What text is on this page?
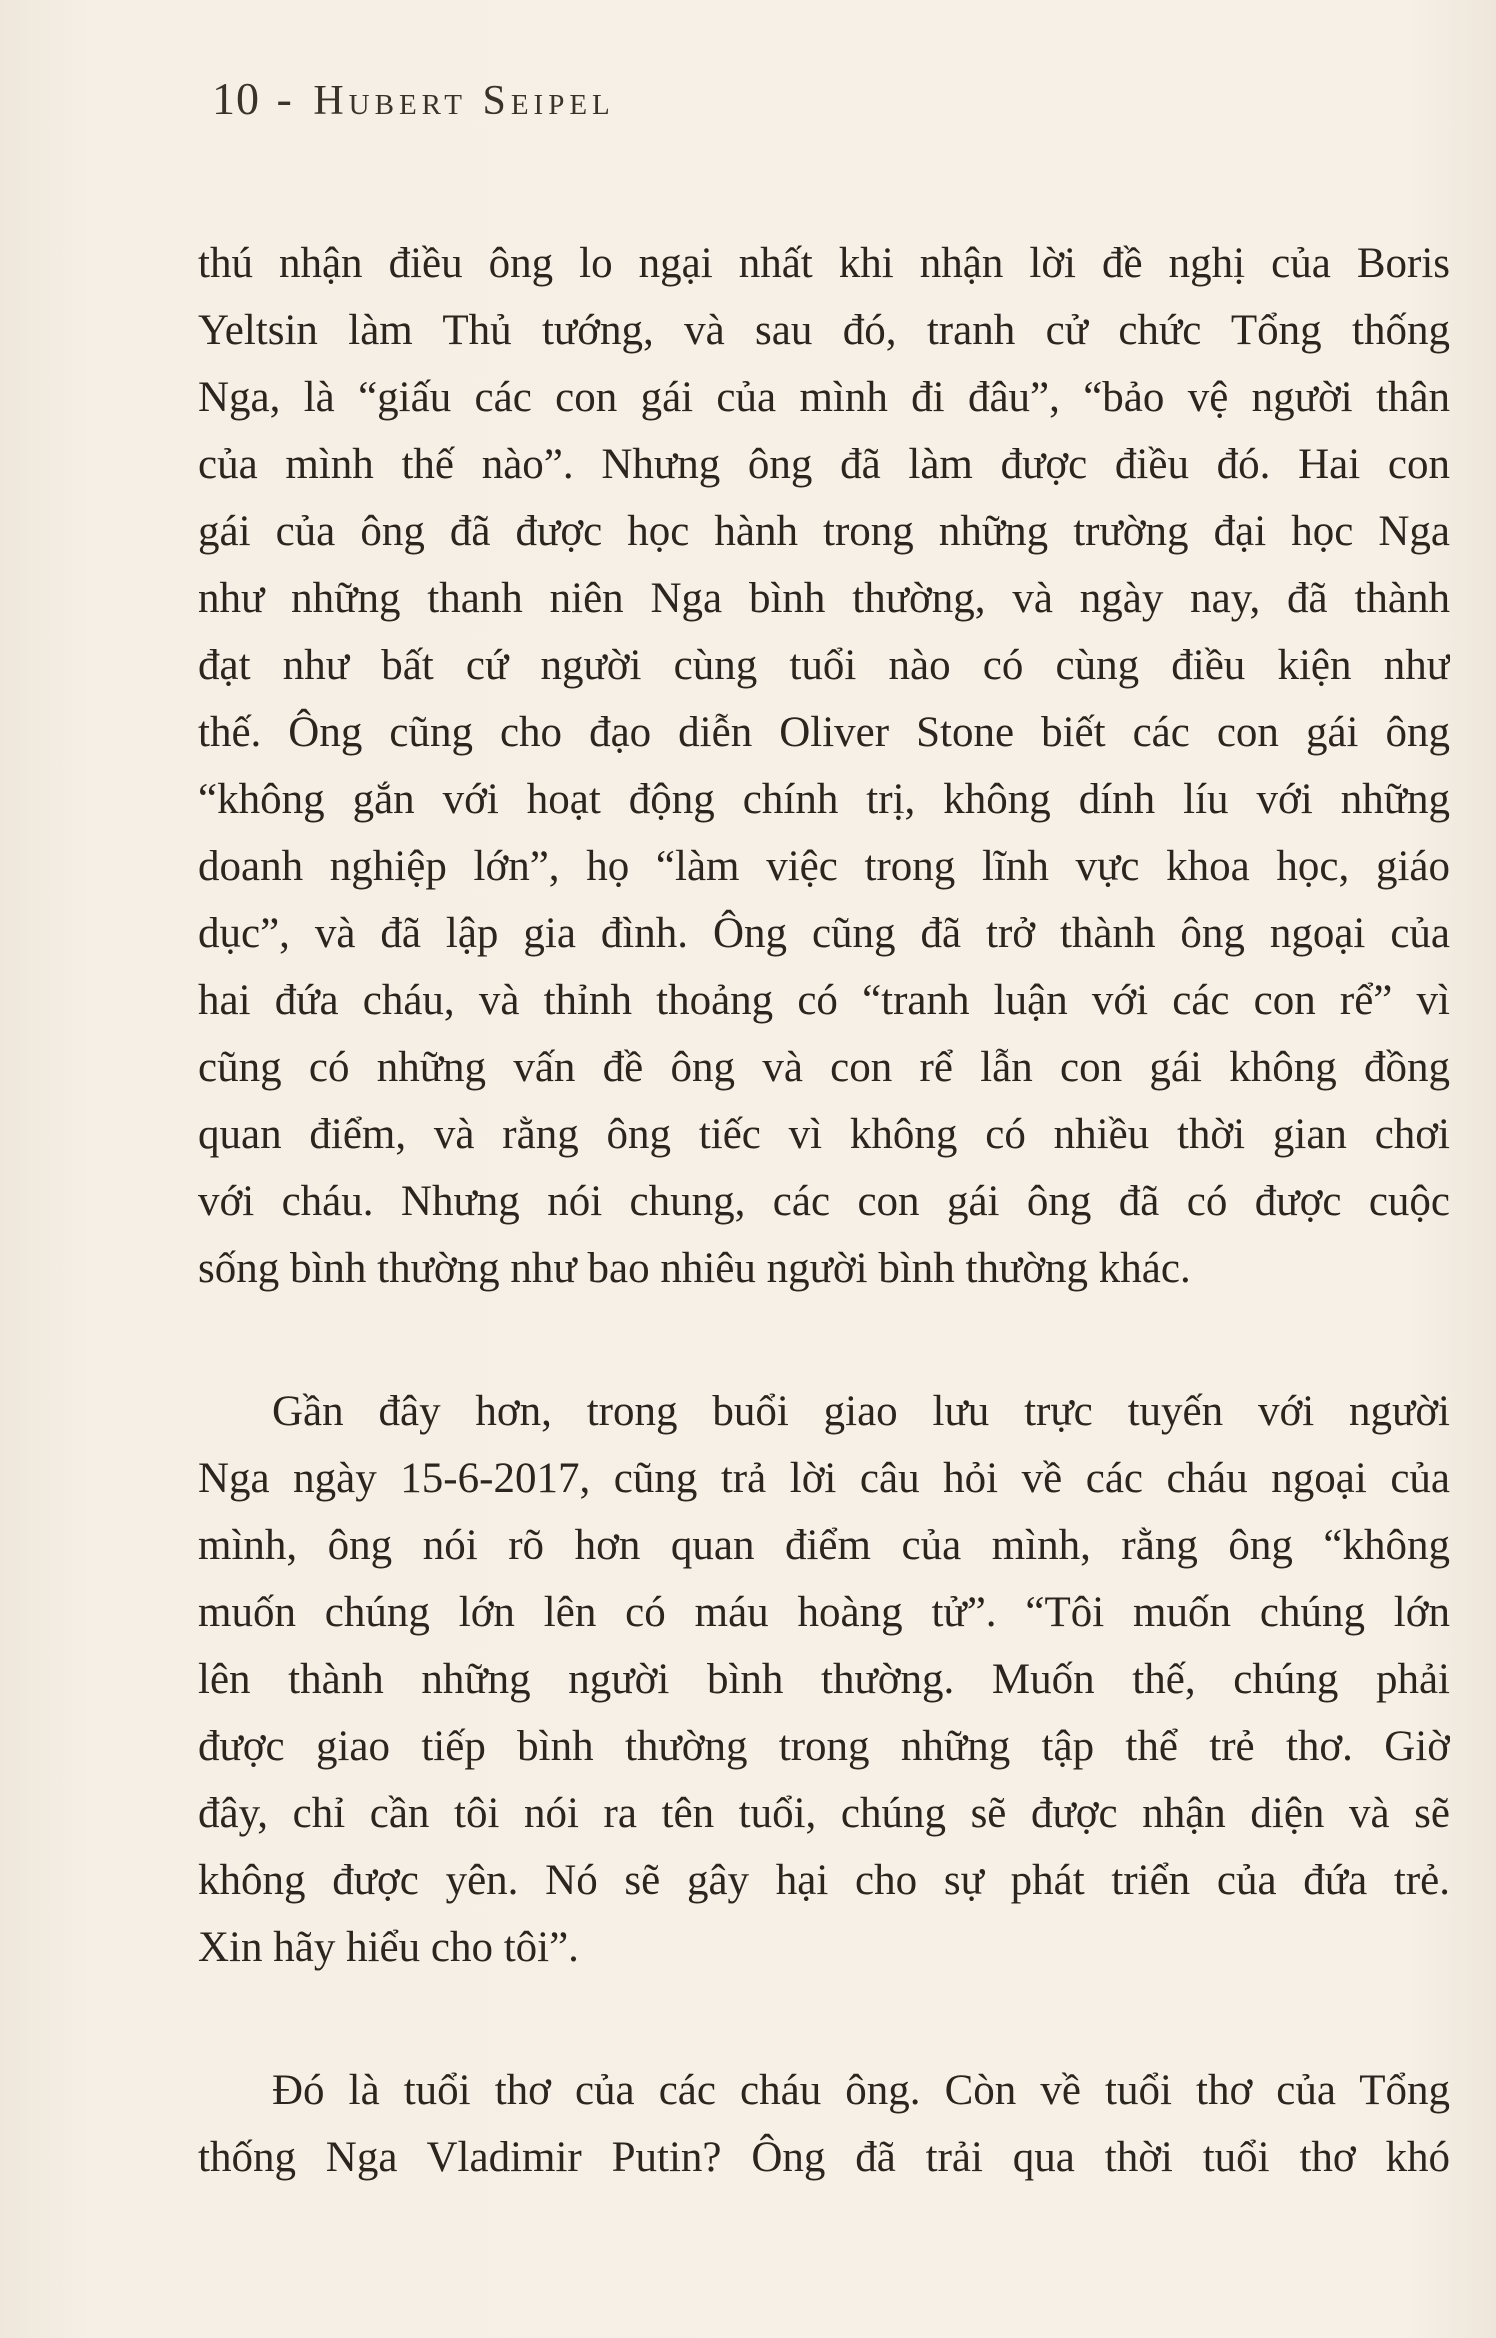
10 - Hubert Seipel
thú nhận điều ông lo ngại nhất khi nhận lời đề nghị của Boris
Yeltsin làm Thủ tướng, và sau đó, tranh cử chức Tổng thống
Nga, là “giấu các con gái của mình đi đâu”, “bảo vệ người thân
của mình thế nào”. Nhưng ông đã làm được điều đó. Hai con
gái của ông đã được học hành trong những trường đại học Nga
như những thanh niên Nga bình thường, và ngày nay, đã thành
đạt như bất cứ người cùng tuổi nào có cùng điều kiện như
thế. Ông cũng cho đạo diễn Oliver Stone biết các con gái ông
“không gắn với hoạt động chính trị, không dính líu với những
doanh nghiệp lớn”, họ “làm việc trong lĩnh vực khoa học, giáo
dục”, và đã lập gia đình. Ông cũng đã trở thành ông ngoại của
hai đứa cháu, và thỉnh thoảng có “tranh luận với các con rể” vì
cũng có những vấn đề ông và con rể lẫn con gái không đồng
quan điểm, và rằng ông tiếc vì không có nhiều thời gian chơi
với cháu. Nhưng nói chung, các con gái ông đã có được cuộc
sống bình thường như bao nhiêu người bình thường khác.
Gần đây hơn, trong buổi giao lưu trực tuyến với người
Nga ngày 15-6-2017, cũng trả lời câu hỏi về các cháu ngoại của
mình, ông nói rõ hơn quan điểm của mình, rằng ông “không
muốn chúng lớn lên có máu hoàng tử”. “Tôi muốn chúng lớn
lên thành những người bình thường. Muốn thế, chúng phải
được giao tiếp bình thường trong những tập thể trẻ thơ. Giờ
đây, chỉ cần tôi nói ra tên tuổi, chúng sẽ được nhận diện và sẽ
không được yên. Nó sẽ gây hại cho sự phát triển của đứa trẻ.
Xin hãy hiểu cho tôi”.
Đó là tuổi thơ của các cháu ông. Còn về tuổi thơ của Tổng
thống Nga Vladimir Putin? Ông đã trải qua thời tuổi thơ khó
